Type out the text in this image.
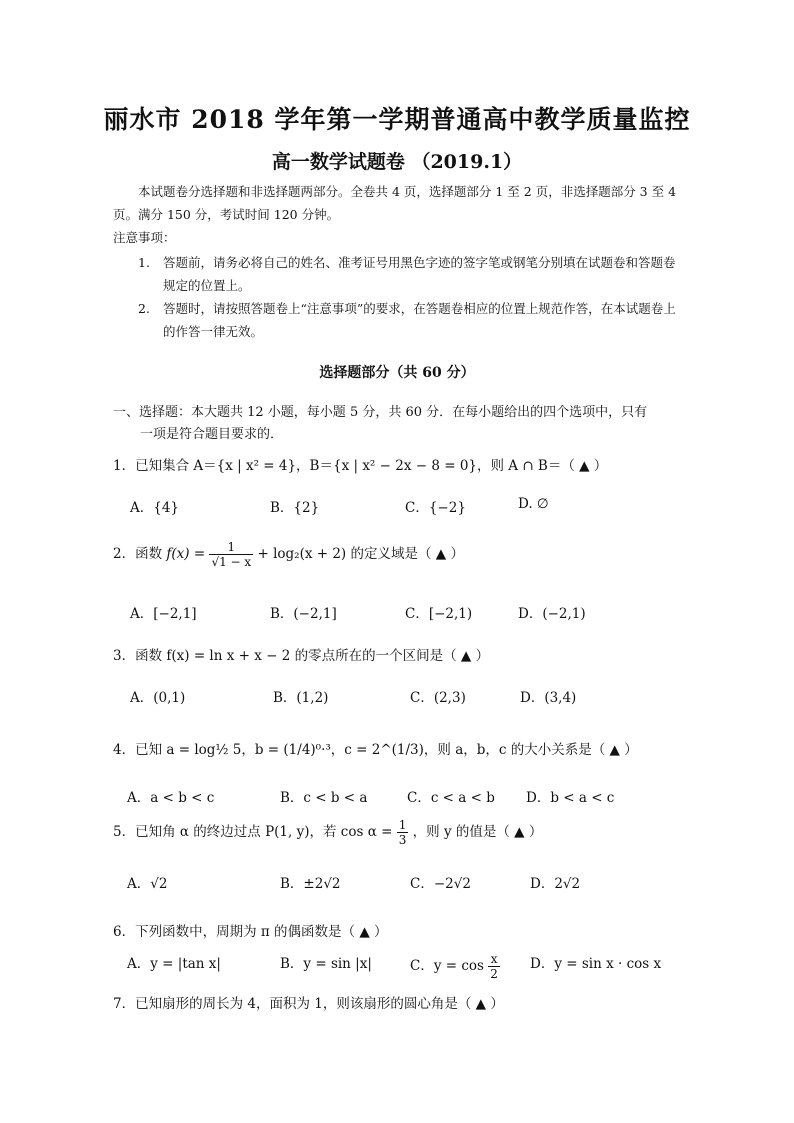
丽水市 2018 学年第一学期普通高中教学质量监控
高一数学试题卷 （2019.1）
本试题卷分选择题和非选择题两部分。全卷共 4 页，选择题部分 1 至 2 页，非选择题部分 3 至 4 页。满分 150 分，考试时间 120 分钟。
注意事项：
1. 答题前，请务必将自己的姓名、准考证号用黑色字迹的签字笔或钢笔分别填在试题卷和答题卷规定的位置上。
2. 答题时，请按照答题卷上“注意事项”的要求，在答题卷相应的位置上规范作答，在本试题卷上的作答一律无效。
选择题部分（共 60 分）
一、选择题：本大题共 12 小题，每小题 5 分，共 60 分．在每小题给出的四个选项中，只有
一项是符合题目要求的．
1．已知集合 A＝{x | x² = 4}，B＝{x | x² − 2x − 8 = 0}，则 A ∩ B＝（ ▲ ）
A．{4}	B．{2}	C．{−2}	D. ∅
2．函数 $f(x) = \frac{1}{√1 - x} + \log_2(x + 2)$ 的定义域是（ ▲ ）
A．[−2,1]	B．(−2,1]	C．[−2,1)	D．(−2,1)
3．函数 f(x) = ln x + x − 2 的零点所在的一个区间是（ ▲ ）
A．(0,1)	B．(1,2)	C．(2,3)	D．(3,4)
4．已知 a = log½ 5，b = (1/4)⁰·³，c = 2^(1/3)，则 a，b，c 的大小关系是（ ▲ ）
A．a < b < c	B．c < b < a	C．c < a < b D．b < a < c
5．已知角 α 的终边过点 P(1, y)，若 $\cos \alpha = \frac{1}{3}$ ，则 y 的值是（ ▲ ）
A．√2	B．±2√2	C．−2√2	D．2√2
6．下列函数中，周期为 π 的偶函数是（ ▲ ）
A．y = |tan x|	B．y = sin |x|	C．$y = \cos \frac{x}{2}$ D．y = sin x · cos x
7．已知扇形的周长为 4，面积为 1，则该扇形的圆心角是（ ▲ ）
